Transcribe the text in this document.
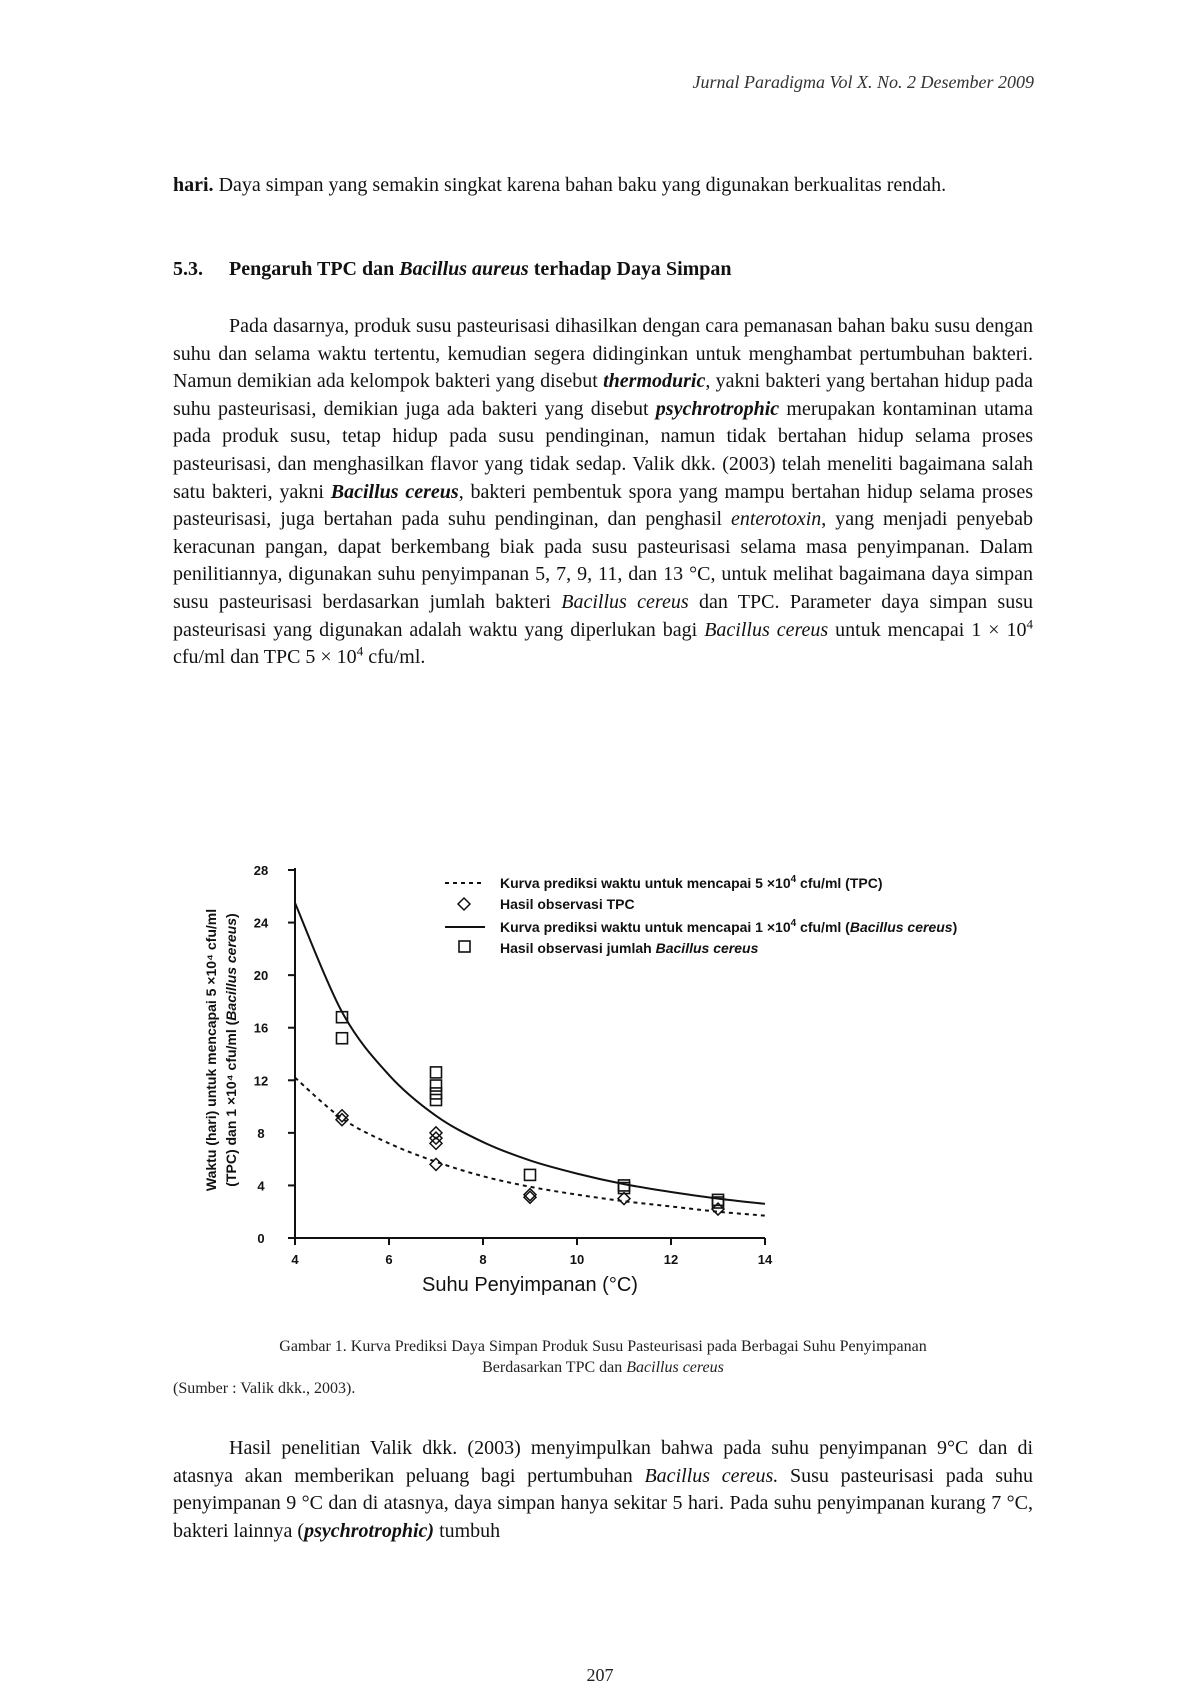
Jurnal Paradigma Vol X. No. 2 Desember 2009
hari. Daya simpan yang semakin singkat karena bahan baku yang digunakan berkualitas rendah.
5.3. Pengaruh TPC dan Bacillus aureus terhadap Daya Simpan
Pada dasarnya, produk susu pasteurisasi dihasilkan dengan cara pemanasan bahan baku susu dengan suhu dan selama waktu tertentu, kemudian segera didinginkan untuk menghambat pertumbuhan bakteri. Namun demikian ada kelompok bakteri yang disebut thermoduric, yakni bakteri yang bertahan hidup pada suhu pasteurisasi, demikian juga ada bakteri yang disebut psychrotrophic merupakan kontaminan utama pada produk susu, tetap hidup pada susu pendinginan, namun tidak bertahan hidup selama proses pasteurisasi, dan menghasilkan flavor yang tidak sedap. Valik dkk. (2003) telah meneliti bagaimana salah satu bakteri, yakni Bacillus cereus, bakteri pembentuk spora yang mampu bertahan hidup selama proses pasteurisasi, juga bertahan pada suhu pendinginan, dan penghasil enterotoxin, yang menjadi penyebab keracunan pangan, dapat berkembang biak pada susu pasteurisasi selama masa penyimpanan. Dalam penilitiannya, digunakan suhu penyimpanan 5, 7, 9, 11, dan 13 °C, untuk melihat bagaimana daya simpan susu pasteurisasi berdasarkan jumlah bakteri Bacillus cereus dan TPC. Parameter daya simpan susu pasteurisasi yang digunakan adalah waktu yang diperlukan bagi Bacillus cereus untuk mencapai $1 \times 10^4$ cfu/ml dan TPC $5 \times 10^4$ cfu/ml.
4	6	8	10	12	14
0
4
8
12
16
20
24
28
Suhu Penyimpanan (°C)
Waktu (hari) untuk mencapai 5 ×10⁴ cfu/ml (TPC) dan 1 ×10⁴ cfu/ml (Bacillus cereus)
Kurva prediksi waktu untuk mencapai $5 \times 10^4$ cfu/ml (TPC)
Hasil observasi TPC
Kurva prediksi waktu untuk mencapai $1 \times 10^4$ cfu/ml (Bacillus cereus)
Hasil observasi jumlah Bacillus cereus
Gambar 1. Kurva Prediksi Daya Simpan Produk Susu Pasteurisasi pada Berbagai Suhu Penyimpanan
Berdasarkan TPC dan Bacillus cereus
(Sumber : Valik dkk., 2003).
Hasil penelitian Valik dkk. (2003) menyimpulkan bahwa pada suhu penyimpanan 9°C dan di atasnya akan memberikan peluang bagi pertumbuhan Bacillus cereus. Susu pasteurisasi pada suhu penyimpanan 9 °C dan di atasnya, daya simpan hanya sekitar 5 hari. Pada suhu penyimpanan kurang 7 °C, bakteri lainnya (psychrotrophic) tumbuh
207
